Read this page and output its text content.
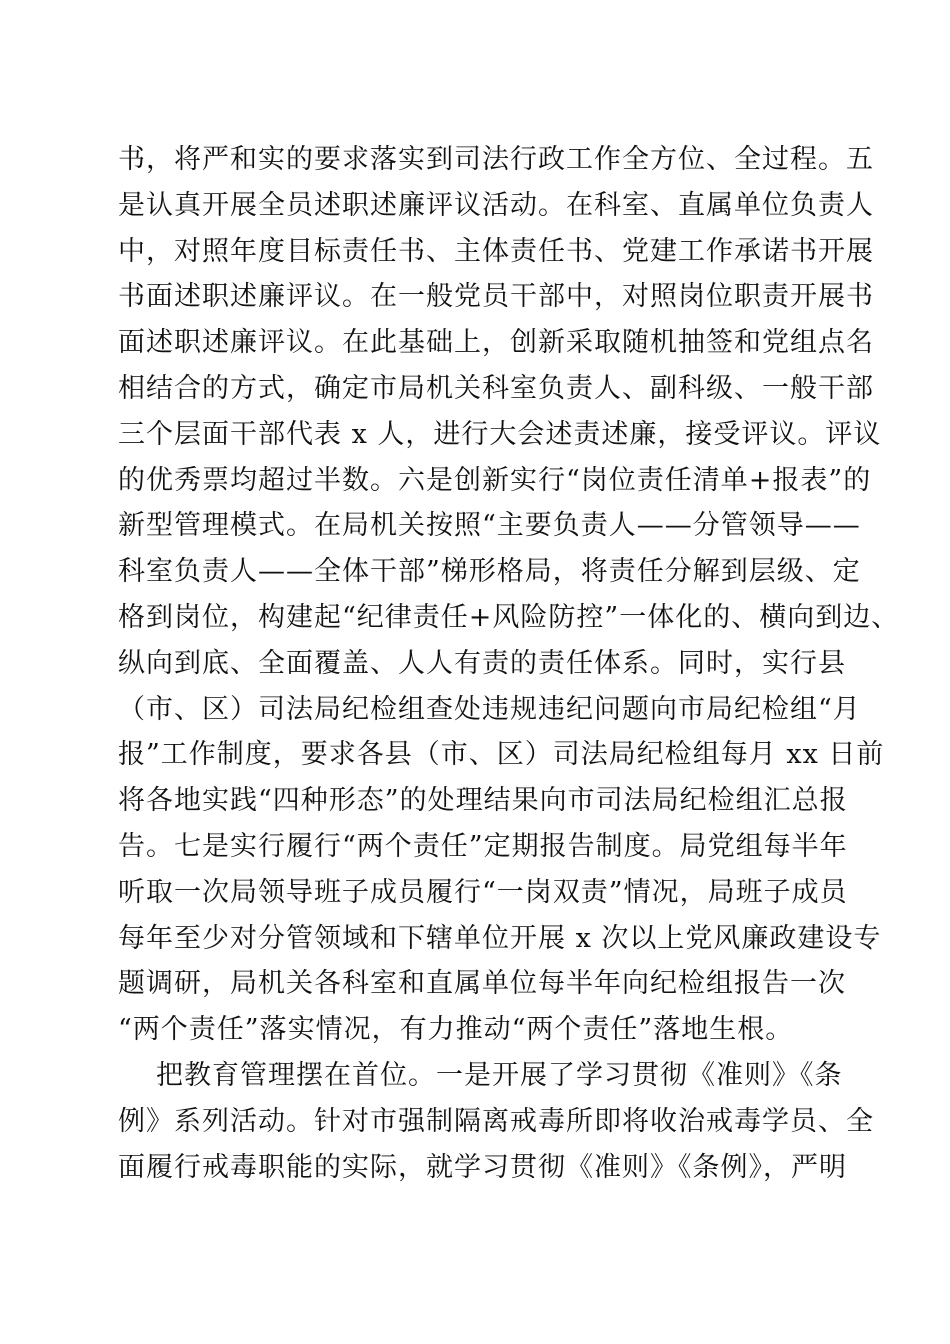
书，将严和实的要求落实到司法行政工作全方位、全过程。五
是认真开展全员述职述廉评议活动。在科室、直属单位负责人
中，对照年度目标责任书、主体责任书、党建工作承诺书开展
书面述职述廉评议。在一般党员干部中，对照岗位职责开展书
面述职述廉评议。在此基础上，创新采取随机抽签和党组点名
相结合的方式，确定市局机关科室负责人、副科级、一般干部
三个层面干部代表 x 人，进行大会述责述廉，接受评议。评议
的优秀票均超过半数。六是创新实行“岗位责任清单+报表”的
新型管理模式。在局机关按照“主要负责人——分管领导——
科室负责人——全体干部”梯形格局，将责任分解到层级、定
格到岗位，构建起“纪律责任+风险防控”一体化的、横向到边、
纵向到底、全面覆盖、人人有责的责任体系。同时，实行县
（市、区）司法局纪检组查处违规违纪问题向市局纪检组“月
报”工作制度，要求各县（市、区）司法局纪检组每月 xx 日前
将各地实践“四种形态”的处理结果向市司法局纪检组汇总报
告。七是实行履行“两个责任”定期报告制度。局党组每半年
听取一次局领导班子成员履行“一岗双责”情况，局班子成员
每年至少对分管领域和下辖单位开展 x 次以上党风廉政建设专
题调研，局机关各科室和直属单位每半年向纪检组报告一次
“两个责任”落实情况，有力推动“两个责任”落地生根。
把教育管理摆在首位。一是开展了学习贯彻《准则》《条
例》系列活动。针对市强制隔离戒毒所即将收治戒毒学员、全
面履行戒毒职能的实际，就学习贯彻《准则》《条例》，严明
